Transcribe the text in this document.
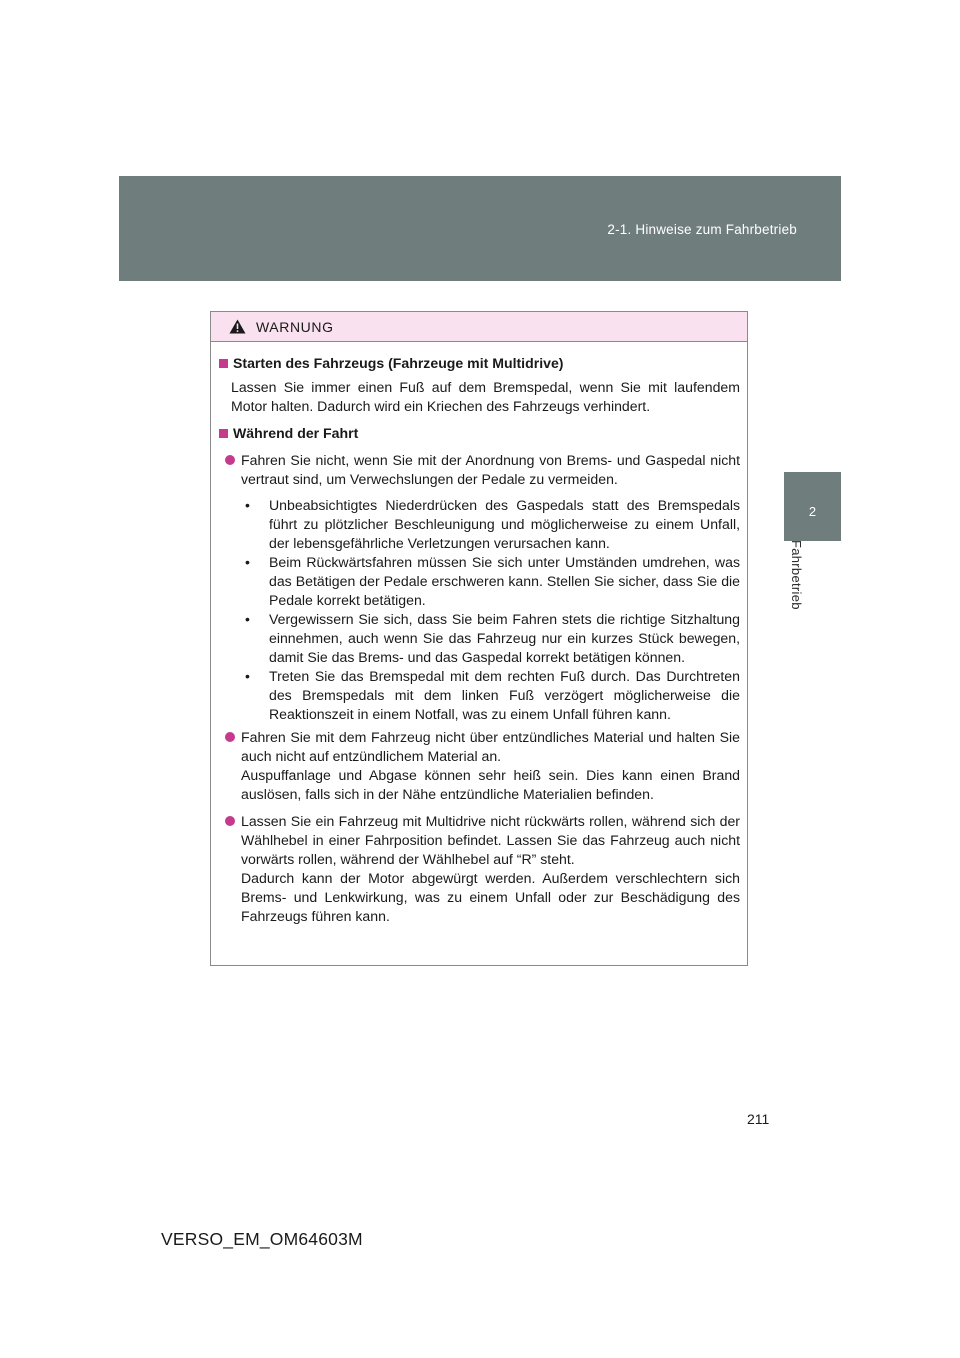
2-1. Hinweise zum Fahrbetrieb
2
Fahrbetrieb
WARNUNG
Starten des Fahrzeugs (Fahrzeuge mit Multidrive)
Lassen Sie immer einen Fuß auf dem Bremspedal, wenn Sie mit laufendem Motor halten. Dadurch wird ein Kriechen des Fahrzeugs verhindert.
Während der Fahrt
Fahren Sie nicht, wenn Sie mit der Anordnung von Brems- und Gaspedal nicht vertraut sind, um Verwechslungen der Pedale zu vermeiden.
•	Unbeabsichtigtes Niederdrücken des Gaspedals statt des Bremspedals führt zu plötzlicher Beschleunigung und möglicherweise zu einem Unfall, der lebensgefährliche Verletzungen verursachen kann.
•	Beim Rückwärtsfahren müssen Sie sich unter Umständen umdrehen, was das Betätigen der Pedale erschweren kann. Stellen Sie sicher, dass Sie die Pedale korrekt betätigen.
•	Vergewissern Sie sich, dass Sie beim Fahren stets die richtige Sitzhaltung einnehmen, auch wenn Sie das Fahrzeug nur ein kurzes Stück bewegen, damit Sie das Brems- und das Gaspedal korrekt betätigen können.
•	Treten Sie das Bremspedal mit dem rechten Fuß durch. Das Durchtreten des Bremspedals mit dem linken Fuß verzögert möglicherweise die Reaktionszeit in einem Notfall, was zu einem Unfall führen kann.
Fahren Sie mit dem Fahrzeug nicht über entzündliches Material und halten Sie auch nicht auf entzündlichem Material an.
Auspuffanlage und Abgase können sehr heiß sein. Dies kann einen Brand auslösen, falls sich in der Nähe entzündliche Materialien befinden.
Lassen Sie ein Fahrzeug mit Multidrive nicht rückwärts rollen, während sich der Wählhebel in einer Fahrposition befindet. Lassen Sie das Fahrzeug auch nicht vorwärts rollen, während der Wählhebel auf “R” steht.
Dadurch kann der Motor abgewürgt werden. Außerdem verschlechtern sich Brems- und Lenkwirkung, was zu einem Unfall oder zur Beschädigung des Fahrzeugs führen kann.
211
VERSO_EM_OM64603M
